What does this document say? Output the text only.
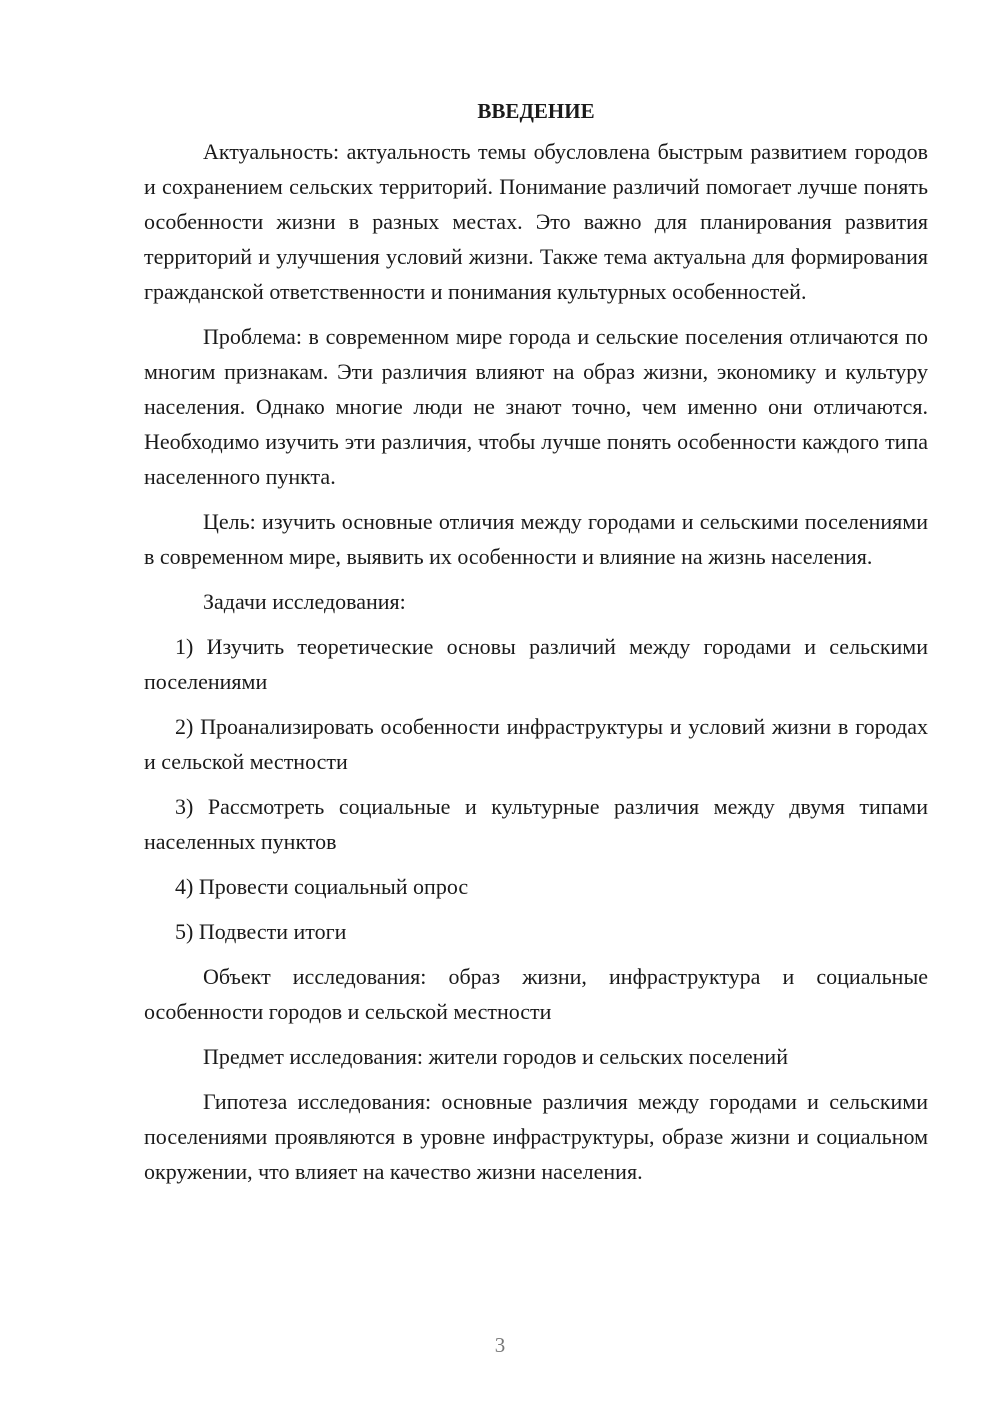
ВВЕДЕНИЕ

Актуальность: актуальность темы обусловлена быстрым развитием городов и сохранением сельских территорий. Понимание различий помогает лучше понять особенности жизни в разных местах. Это важно для планирования развития территорий и улучшения условий жизни. Также тема актуальна для формирования гражданской ответственности и понимания культурных особенностей.

Проблема: в современном мире города и сельские поселения отличаются по многим признакам. Эти различия влияют на образ жизни, экономику и культуру населения. Однако многие люди не знают точно, чем именно они отличаются. Необходимо изучить эти различия, чтобы лучше понять особенности каждого типа населенного пункта.

Цель: изучить основные отличия между городами и сельскими поселениями в современном мире, выявить их особенности и влияние на жизнь населения.

Задачи исследования:

1) Изучить теоретические основы различий между городами и сельскими поселениями

2) Проанализировать особенности инфраструктуры и условий жизни в городах и сельской местности

3) Рассмотреть социальные и культурные различия между двумя типами населенных пунктов

4) Провести социальный опрос

5) Подвести итоги

Объект исследования: образ жизни, инфраструктура и социальные особенности городов и сельской местности

Предмет исследования: жители городов и сельских поселений

Гипотеза исследования: основные различия между городами и сельскими поселениями проявляются в уровне инфраструктуры, образе жизни и социальном окружении, что влияет на качество жизни населения.

3
